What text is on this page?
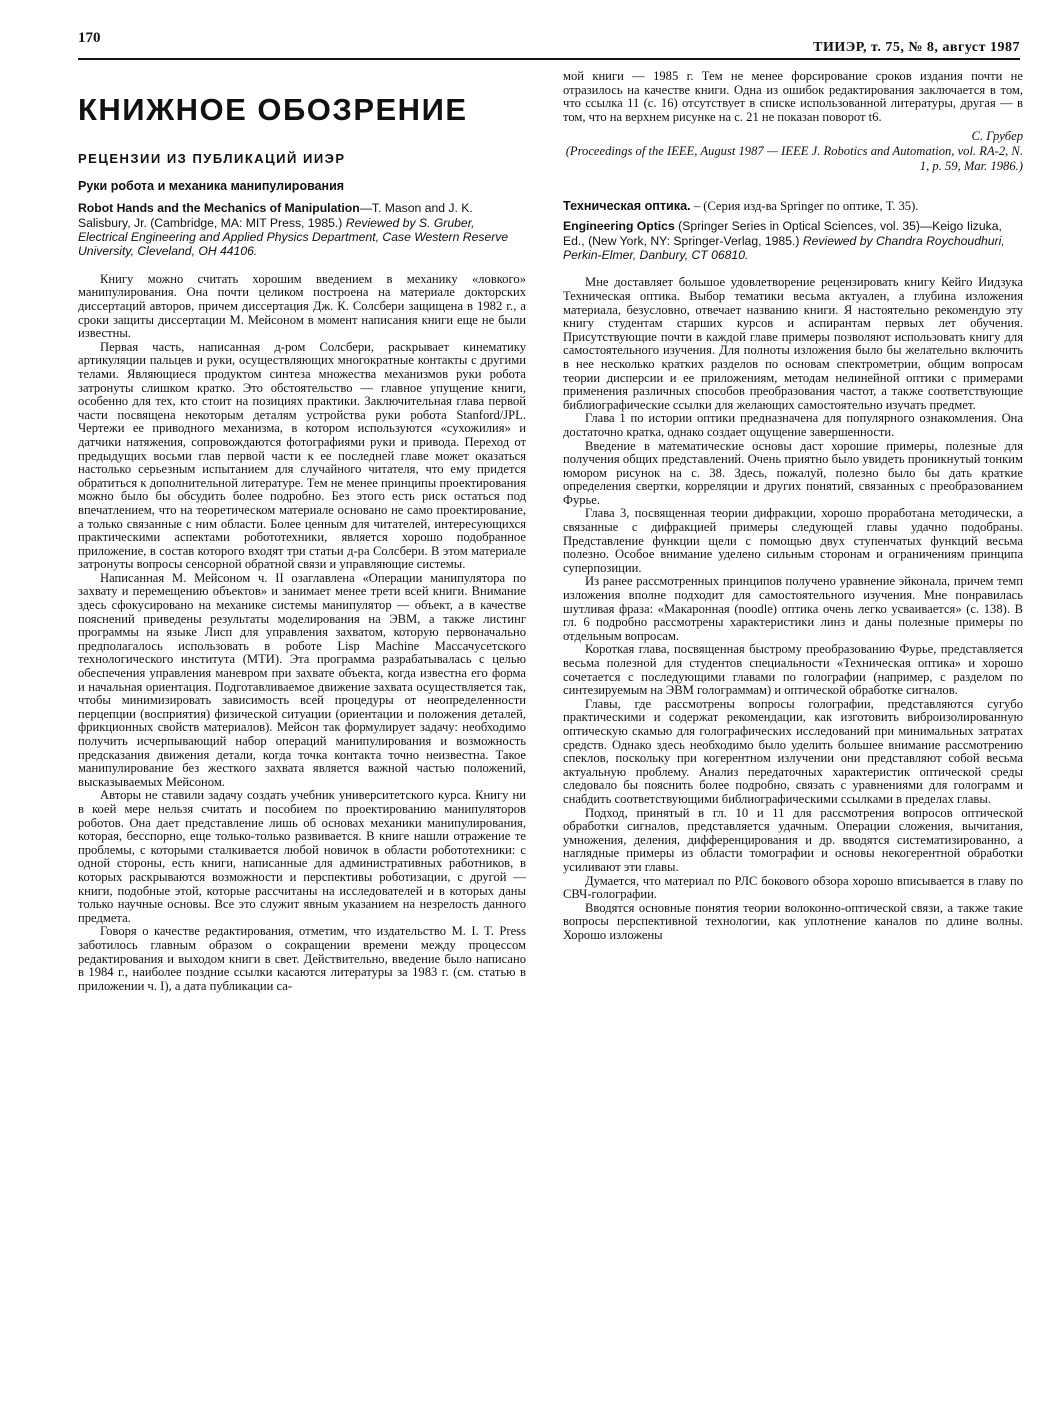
170
ТИИЭР, т. 75, № 8, август 1987
КНИЖНОЕ ОБОЗРЕНИЕ
РЕЦЕНЗИИ ИЗ ПУБЛИКАЦИЙ ИИЭР
Руки робота и механика манипулирования
Robot Hands and the Mechanics of Manipulation—T. Mason and J. K. Salisbury, Jr. (Cambridge, MA: MIT Press, 1985.) Reviewed by S. Gruber, Electrical Engineering and Applied Physics Department, Case Western Reserve University, Cleveland, OH 44106.

Книгу можно считать хорошим введением в механику «ловкого» манипулирования. Она почти целиком построена на материале докторских диссертаций авторов, причем диссертация Дж. К. Солсбери защищена в 1982 г., а сроки защиты диссертации М. Мейсоном в момент написания книги еще не были известны.

Первая часть, написанная д-ром Солсбери, раскрывает кинематику артикуляции пальцев и руки, осуществляющих многократные контакты с другими телами. Являющиеся продуктом синтеза множества механизмов руки робота затронуты слишком кратко. Это обстоятельство — главное упущение книги, особенно для тех, кто стоит на позициях практики. Заключительная глава первой части посвящена некоторым деталям устройства руки робота Stanford/JPL. Чертежи ее приводного механизма, в котором используются «сухожилия» и датчики натяжения, сопровождаются фотографиями руки и привода. Переход от предыдущих восьми глав первой части к ее последней главе может оказаться настолько серьезным испытанием для случайного читателя, что ему придется обратиться к дополнительной литературе. Тем не менее принципы проектирования можно было бы обсудить более подробно. Без этого есть риск остаться под впечатлением, что на теоретическом материале основано не само проектирование, а только связанные с ним области. Более ценным для читателей, интересующихся практическими аспектами робототехники, является хорошо подобранное приложение, в состав которого входят три статьи д-ра Солсбери. В этом материале затронуты вопросы сенсорной обратной связи и управляющие системы.

Написанная М. Мейсоном ч. II озаглавлена «Операции манипулятора по захвату и перемещению объектов» и занимает менее трети всей книги. Внимание здесь сфокусировано на механике системы манипулятор — объект, а в качестве пояснений приведены результаты моделирования на ЭВМ, а также листинг программы на языке Лисп для управления захватом, которую первоначально предполагалось использовать в роботе Lisp Machine Массачусетского технологического института (МТИ). Эта программа разрабатывалась с целью обеспечения управления маневром при захвате объекта, когда известна его форма и начальная ориентация. Подготавливаемое движение захвата осуществляется так, чтобы минимизировать зависимость всей процедуры от неопределенности перцепции (восприятия) физической ситуации (ориентации и положения деталей, фрикционных свойств материалов). Мейсон так формулирует задачу: необходимо получить исчерпывающий набор операций манипулирования и возможность предсказания движения детали, когда точка контакта точно неизвестна. Такое манипулирование без жесткого захвата является важной частью положений, высказываемых Мейсоном.

Авторы не ставили задачу создать учебник университетского курса. Книгу ни в коей мере нельзя считать и пособием по проектированию манипуляторов роботов. Она дает представление лишь об основах механики манипулирования, которая, бесспорно, еще только-только развивается. В книге нашли отражение те проблемы, с которыми сталкивается любой новичок в области робототехники: с одной стороны, есть книги, написанные для административных работников, в которых раскрываются возможности и перспективы роботизации, с другой — книги, подобные этой, которые рассчитаны на исследователей и в которых даны только научные основы. Все это служит явным указанием на незрелость данного предмета.

Говоря о качестве редактирования, отметим, что издательство M. I. T. Press заботилось главным образом о сокращении времени между процессом редактирования и выходом книги в свет. Действительно, введение было написано в 1984 г., наиболее поздние ссылки касаются литературы за 1983 г. (см. статью в приложении ч. I), а дата публикации са-

мой книги — 1985 г. Тем не менее форсирование сроков издания почти не отразилось на качестве книги. Одна из ошибок редактирования заключается в том, что ссылка 11 (с. 16) отсутствует в списке использованной литературы, другая — в том, что на верхнем рисунке на с. 21 не показан поворот t6.

С. Грубер
(Proceedings of the IEEE, August 1987 — IEEE J. Robotics and Automation, vol. RA-2, N. 1, p. 59, Mar. 1986.)
Техническая оптика. – (Серия изд-ва Springer по оптике, Т. 35).
Engineering Optics (Springer Series in Optical Sciences, vol. 35)—Keigo Iizuka, Ed., (New York, NY: Springer-Verlag, 1985.) Reviewed by Chandra Roychoudhuri, Perkin-Elmer, Danbury, CT 06810.

Мне доставляет большое удовлетворение рецензировать книгу Кейго Иидзука Техническая оптика. Выбор тематики весьма актуален, а глубина изложения материала, безусловно, отвечает названию книги. Я настоятельно рекомендую эту книгу студентам старших курсов и аспирантам первых лет обучения. Присутствующие почти в каждой главе примеры позволяют использовать книгу для самостоятельного изучения. Для полноты изложения было бы желательно включить в нее несколько кратких разделов по основам спектрометрии, общим вопросам теории дисперсии и ее приложениям, методам нелинейной оптики с примерами применения различных способов преобразования частот, а также соответствующие библиографические ссылки для желающих самостоятельно изучать предмет.

Глава 1 по истории оптики предназначена для популярного ознакомления. Она достаточно кратка, однако создает ощущение завершенности.

Введение в математические основы даст хорошие примеры, полезные для получения общих представлений. Очень приятно было увидеть проникнутый тонким юмором рисунок на с. 38. Здесь, пожалуй, полезно было бы дать краткие определения свертки, корреляции и других понятий, связанных с преобразованием Фурье.

Глава 3, посвященная теории дифракции, хорошо проработана методически, а связанные с дифракцией примеры следующей главы удачно подобраны. Представление функции щели с помощью двух ступенчатых функций весьма полезно. Особое внимание уделено сильным сторонам и ограничениям принципа суперпозиции.

Из ранее рассмотренных принципов получено уравнение эйконала, причем темп изложения вполне подходит для самостоятельного изучения. Мне понравилась шутливая фраза: «Макаронная (noodle) оптика очень легко усваивается» (с. 138). В гл. 6 подробно рассмотрены характеристики линз и даны полезные примеры по отдельным вопросам.

Короткая глава, посвященная быстрому преобразованию Фурье, представляется весьма полезной для студентов специальности «Техническая оптика» и хорошо сочетается с последующими главами по голографии (например, с разделом по синтезируемым на ЭВМ голограммам) и оптической обработке сигналов.

Главы, где рассмотрены вопросы голографии, представляются сугубо практическими и содержат рекомендации, как изготовить виброизолированную оптическую скамью для голографических исследований при минимальных затратах средств. Однако здесь необходимо было уделить большее внимание рассмотрению спеклов, поскольку при когерентном излучении они представляют собой весьма актуальную проблему. Анализ передаточных характеристик оптической среды следовало бы пояснить более подробно, связать с уравнениями для голограмм и снабдить соответствующими библиографическими ссылками в пределах главы.

Подход, принятый в гл. 10 и 11 для рассмотрения вопросов оптической обработки сигналов, представляется удачным. Операции сложения, вычитания, умножения, деления, дифференцирования и др. вводятся систематизированно, а наглядные примеры из области томографии и основы некогерентной обработки усиливают эти главы.

Думается, что материал по РЛС бокового обзора хорошо вписывается в главу по СВЧ-голографии.

Вводятся основные понятия теории волоконно-оптической связи, а также такие вопросы перспективной технологии, как уплотнение каналов по длине волны. Хорошо изложены
